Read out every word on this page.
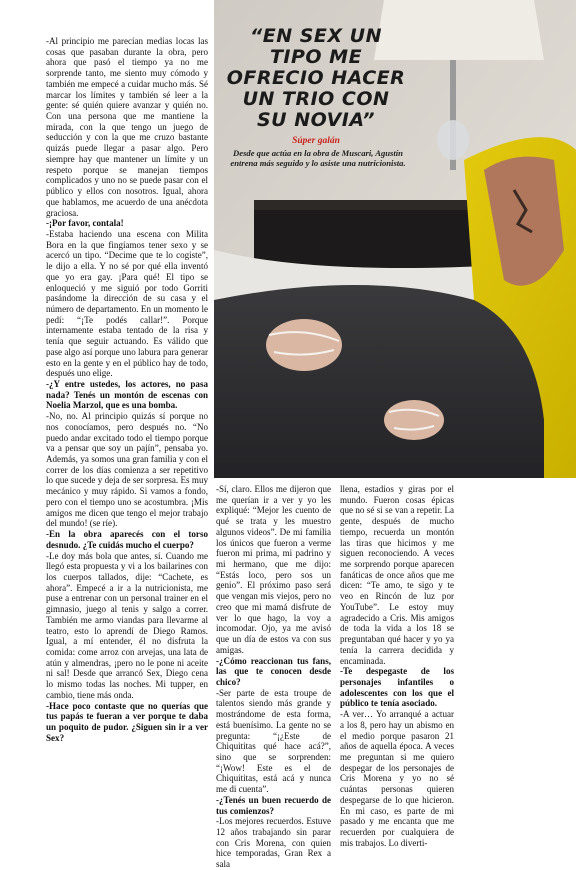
-Al principio me parecían medias locas las cosas que pasaban durante la obra, pero ahora que pasó el tiempo ya no me sorprende tanto, me siento muy cómodo y también me empecé a cuidar mucho más. Sé marcar los límites y también sé leer a la gente: sé quién quiere avanzar y quién no. Con una persona que me mantiene la mirada, con la que tengo un juego de seducción y con la que me cruzo bastante quizás puede llegar a pasar algo. Pero siempre hay que mantener un límite y un respeto porque se manejan tiempos complicados y uno no se puede pasar con el público y ellos con nosotros. Igual, ahora que hablamos, me acuerdo de una anécdota graciosa.

-¡Por favor, contala!

-Estaba haciendo una escena con Milita Bora en la que fingíamos tener sexo y se acercó un tipo. “Decime que te lo cogiste”, le dijo a ella. Y no sé por qué ella inventó que yo era gay. ¡Para qué! El tipo se enloqueció y me siguió por todo Gorriti pasándome la dirección de su casa y el número de departamento. En un momento le pedí: “¡Te podés callar!”. Porque internamente estaba tentado de la risa y tenía que seguir actuando. Es válido que pase algo así porque uno labura para generar esto en la gente y en el público hay de todo, después uno elige.

-¿Y entre ustedes, los actores, no pasa nada? Tenés un montón de escenas con Noelia Marzol, que es una bomba.

-No, no. Al principio quizás sí porque no nos conocíamos, pero después no. “No puedo andar excitado todo el tiempo porque va a pensar que soy un pajín”, pensaba yo. Además, ya somos una gran familia y con el correr de los días comienza a ser repetitivo lo que sucede y deja de ser sorpresa. Es muy mecánico y muy rápido. Si vamos a fondo, pero con el tiempo uno se acostumbra. ¡Mis amigos me dicen que tengo el mejor trabajo del mundo! (se ríe).

-En la obra aparecés con el torso desnudo. ¿Te cuidás mucho el cuerpo?

-Le doy más bola que antes, sí. Cuando me llegó esta propuesta y vi a los bailarines con los cuerpos tallados, dije: “Cachete, es ahora”. Empecé a ir a la nutricionista, me puse a entrenar con un personal trainer en el gimnasio, juego al tenis y salgo a correr. También me armo viandas para llevarme al teatro, esto lo aprendí de Diego Ramos. Igual, a mí entender, él no disfruta la comida: come arroz con arvejas, una lata de atún y almendras, ¡pero no le pone ni aceite ni sal! Desde que arrancó Sex, Diego cena lo mismo todas las noches. Mi tupper, en cambio, tiene más onda.

-Hace poco contaste que no querías que tus papás te fueran a ver porque te daba un poquito de pudor. ¿Siguen sin ir a ver Sex?

“EN SEX UN TIPO ME OFRECIO HACER UN TRIO CON SU NOVIA”
Súper galán
Desde que actúa en la obra de Muscari, Agustín entrena más seguido y lo asiste una nutricionista.

-Sí, claro. Ellos me dijeron que me querían ir a ver y yo les expliqué: “Mejor les cuento de qué se trata y les muestro algunos videos”. De mi familia los únicos que fueron a verme fueron mi prima, mi padrino y mi hermano, que me dijo: “Estás loco, pero sos un genio”. El próximo paso será que vengan mis viejos, pero no creo que mi mamá disfrute de ver lo que hago, la voy a incomodar. Ojo, ya me avisó que un día de estos va con sus amigas.

-¿Cómo reaccionan tus fans, las que te conocen desde chico?

-Ser parte de esta troupe de talentos siendo más grande y mostrándome de esta forma, está buenísimo. La gente no se pregunta: “¡¿Este de Chiquititas qué hace acá?”, sino que se sorprenden: “¡Wow! Este es el de Chiquititas, está acá y nunca me di cuenta”.

-¿Tenés un buen recuerdo de tus comienzos?

-Los mejores recuerdos. Estuve 12 años trabajando sin parar con Cris Morena, con quien hice temporadas, Gran Rex a sala

llena, estadios y giras por el mundo. Fueron cosas épicas que no sé si se van a repetir. La gente, después de mucho tiempo, recuerda un montón las tiras que hicimos y me siguen reconociendo. A veces me sorprendo porque aparecen fanáticas de once años que me dicen: “Te amo, te sigo y te veo en Rincón de luz por YouTube”. Le estoy muy agradecido a Cris. Mis amigos de toda la vida a los 18 se preguntaban qué hacer y yo ya tenía la carrera decidida y encaminada.

-Te despegaste de los personajes infantiles o adolescentes con los que el público te tenía asociado.

-A ver… Yo arranqué a actuar a los 8, pero hay un abismo en el medio porque pasaron 21 años de aquella época. A veces me preguntan si me quiero despegar de los personajes de Cris Morena y yo no sé cuántas personas quieren despegarse de lo que hicieron. En mi caso, es parte de mi pasado y me encanta que me recuerden por cualquiera de mis trabajos. Lo diverti-
